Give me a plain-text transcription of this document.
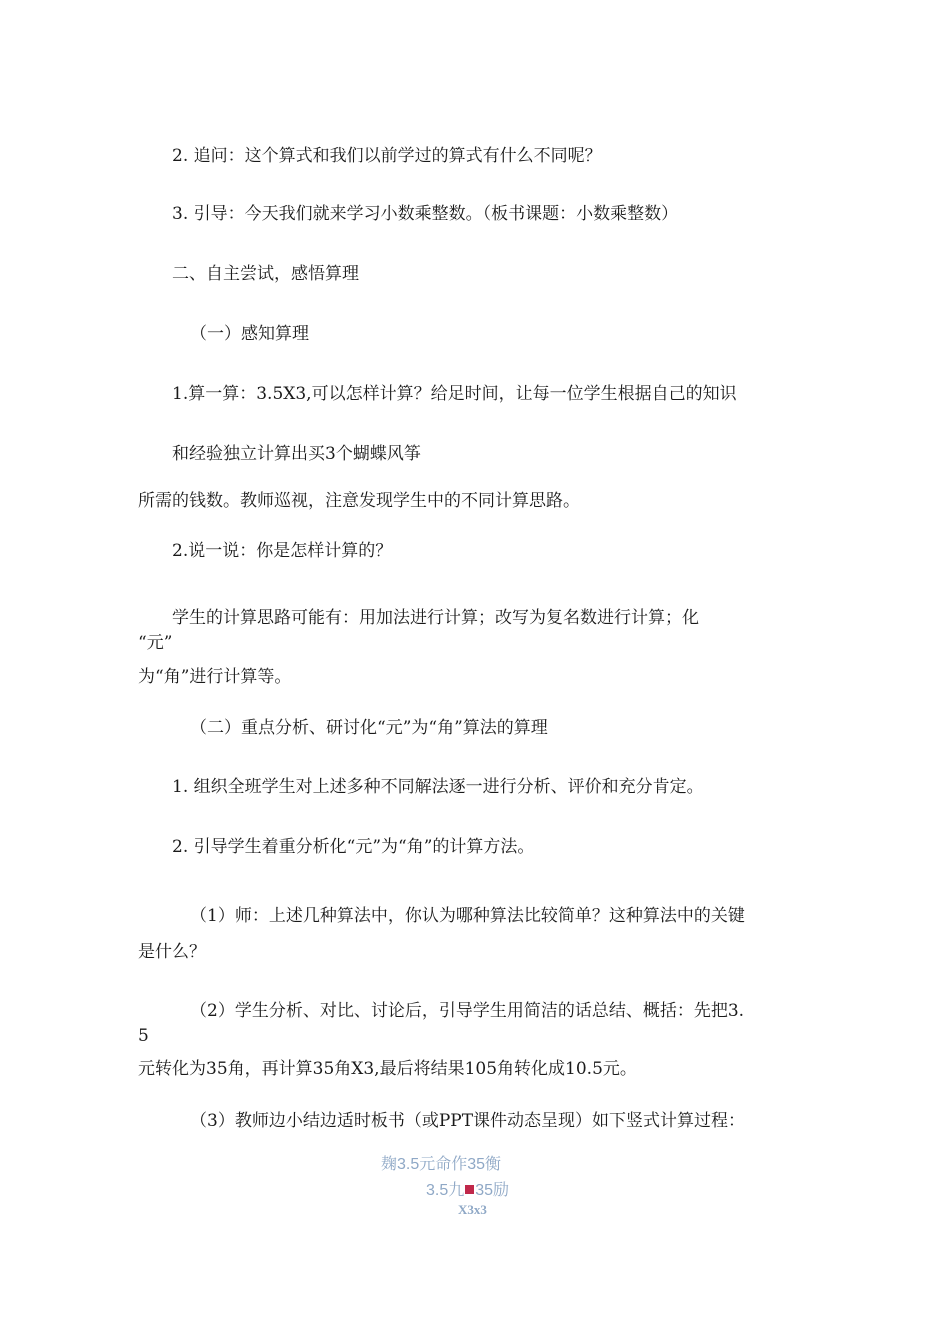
2. 追问：这个算式和我们以前学过的算式有什么不同呢？
3. 引导：今天我们就来学习小数乘整数。（板书课题：小数乘整数）
二、自主尝试，感悟算理
（一）感知算理
1.算一算：3.5X3,可以怎样计算？给足时间，让每一位学生根据自己的知识
和经验独立计算出买3个蝴蝶风筝
所需的钱数。教师巡视，注意发现学生中的不同计算思路。
2.说一说：你是怎样计算的？
学生的计算思路可能有：用加法进行计算；改写为复名数进行计算；化
“元”
为“角”进行计算等。
（二）重点分析、研讨化“元”为“角”算法的算理
1. 组织全班学生对上述多种不同解法逐一进行分析、评价和充分肯定。
2. 引导学生着重分析化“元”为“角”的计算方法。
（1）师：上述几种算法中，你认为哪种算法比较简单？这种算法中的关键
是什么？
（2）学生分析、对比、讨论后，引导学生用简洁的话总结、概括：先把3.
5
元转化为35角，再计算35角X3,最后将结果105角转化成10.5元。
（3）教师边小结边适时板书（或PPT课件动态呈现）如下竖式计算过程：
麹3.5元命作35衡
3.5九 35励
X3x3
